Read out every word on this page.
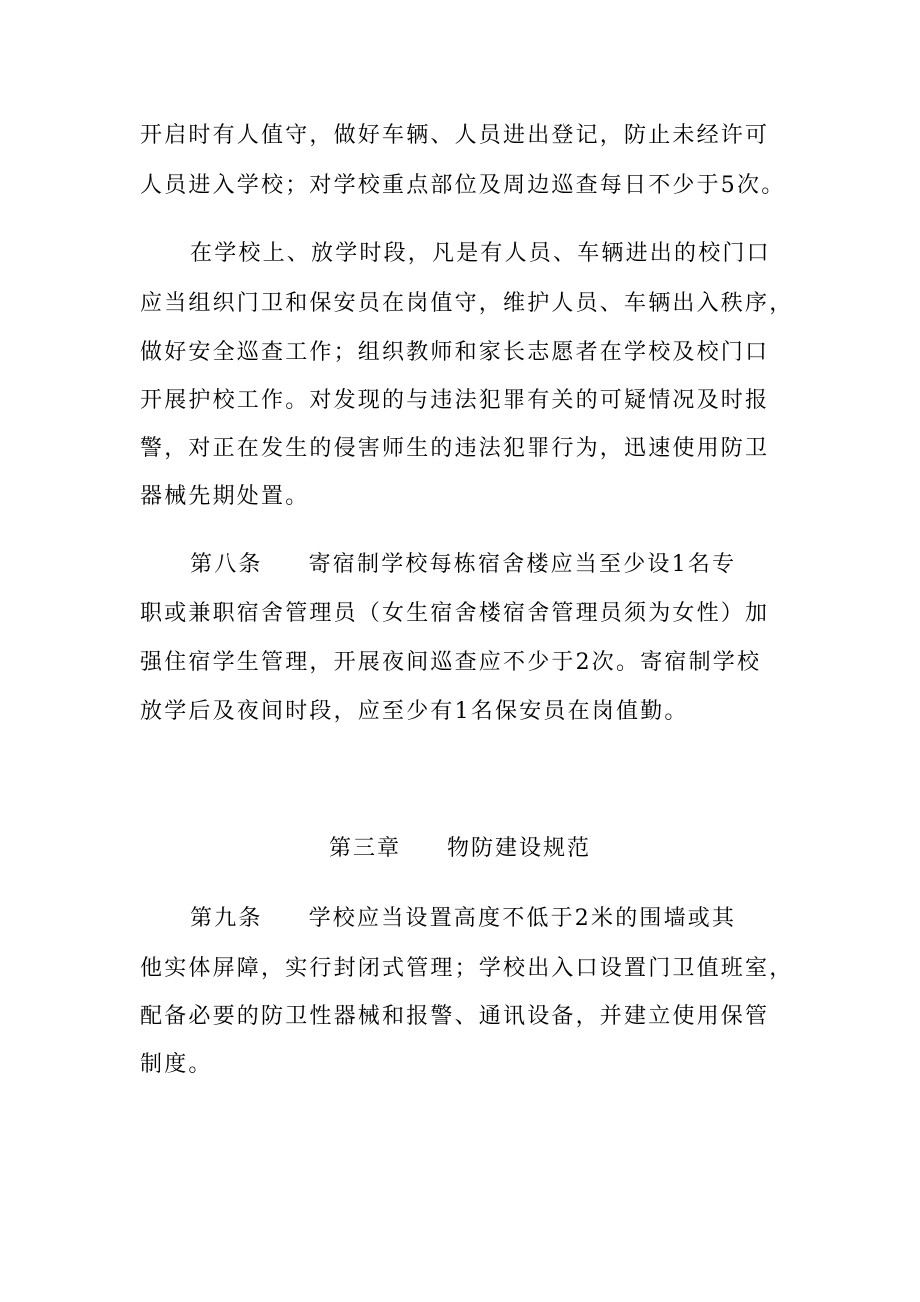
开启时有人值守，做好车辆、人员进出登记，防止未经许可
人员进入学校；对学校重点部位及周边巡查每日不少于5次。
在学校上、放学时段，凡是有人员、车辆进出的校门口
应当组织门卫和保安员在岗值守，维护人员、车辆出入秩序，
做好安全巡查工作；组织教师和家长志愿者在学校及校门口
开展护校工作。对发现的与违法犯罪有关的可疑情况及时报
警，对正在发生的侵害师生的违法犯罪行为，迅速使用防卫
器械先期处置。
第八条 寄宿制学校每栋宿舍楼应当至少设1名专
职或兼职宿舍管理员（女生宿舍楼宿舍管理员须为女性）加
强住宿学生管理，开展夜间巡查应不少于2次。寄宿制学校
放学后及夜间时段，应至少有1名保安员在岗值勤。
第三章 物防建设规范
第九条 学校应当设置高度不低于2米的围墙或其
他实体屏障，实行封闭式管理；学校出入口设置门卫值班室，
配备必要的防卫性器械和报警、通讯设备，并建立使用保管
制度。
